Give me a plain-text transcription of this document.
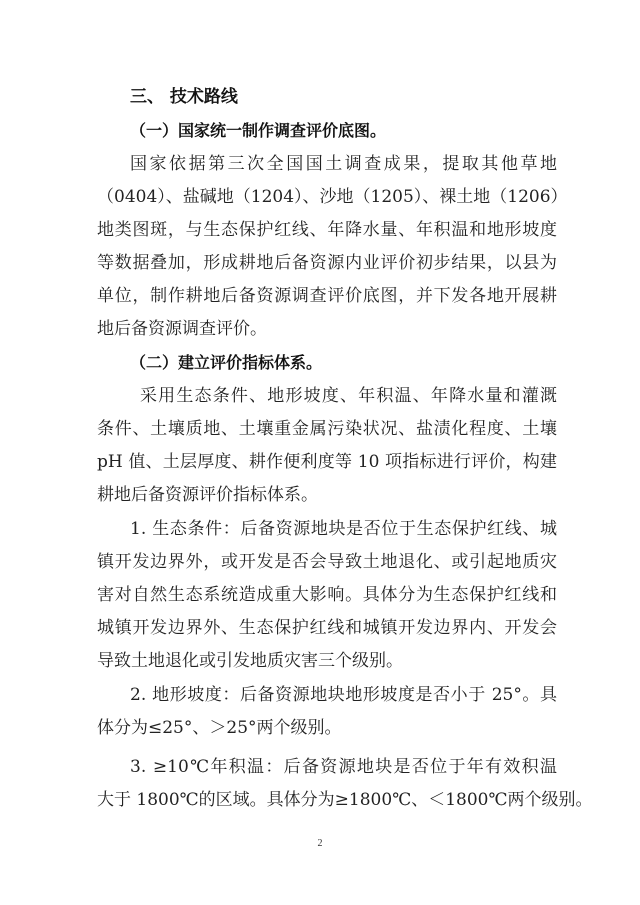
三、 技术路线
（一）国家统一制作调查评价底图。
国家依据第三次全国国土调查成果，提取其他草地
（0404）、盐碱地（1204）、沙地（1205）、裸土地（1206）
地类图斑，与生态保护红线、年降水量、年积温和地形坡度
等数据叠加，形成耕地后备资源内业评价初步结果，以县为
单位，制作耕地后备资源调查评价底图，并下发各地开展耕
地后备资源调查评价。
（二）建立评价指标体系。
采用生态条件、地形坡度、年积温、年降水量和灌溉
条件、土壤质地、土壤重金属污染状况、盐渍化程度、土壤
pH 值、土层厚度、耕作便利度等 10 项指标进行评价，构建
耕地后备资源评价指标体系。
1. 生态条件：后备资源地块是否位于生态保护红线、城
镇开发边界外，或开发是否会导致土地退化、或引起地质灾
害对自然生态系统造成重大影响。具体分为生态保护红线和
城镇开发边界外、生态保护红线和城镇开发边界内、开发会
导致土地退化或引发地质灾害三个级别。
2. 地形坡度：后备资源地块地形坡度是否小于 25°。具
体分为≤25°、＞25°两个级别。
3. ≥10℃年积温：后备资源地块是否位于年有效积温
大于 1800℃的区域。具体分为≥1800℃、＜1800℃两个级别。
2
